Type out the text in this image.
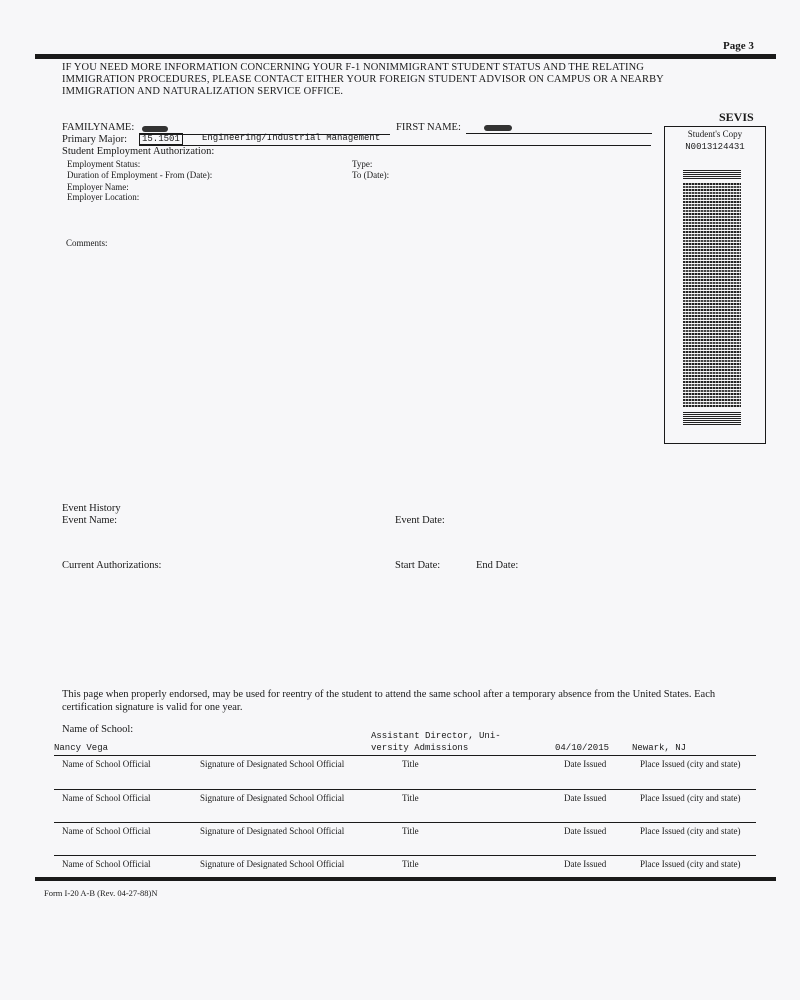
Page 3
IF YOU NEED MORE INFORMATION CONCERNING YOUR F-1 NONIMMIGRANT STUDENT STATUS AND THE RELATING IMMIGRATION PROCEDURES, PLEASE CONTACT EITHER YOUR FOREIGN STUDENT ADVISOR ON CAMPUS OR A NEARBY IMMIGRATION AND NATURALIZATION SERVICE OFFICE.
SEVIS
FAMILYNAME:	FIRST NAME:
Primary Major:	15.1501	Engineering/Industrial Management
Student Employment Authorization:
Employment Status:	Type:
Duration of Employment - From (Date):	To (Date):
Employer Name:
Employer Location:
Comments:
Student's Copy
N0013124431
Event History
Event Name:	Event Date:
Current Authorizations:	Start Date:	End Date:
This page when properly endorsed, may be used for reentry of the student to attend the same school after a temporary absence from the United States. Each certification signature is valid for one year.
Name of School:
Nancy Vega
Assistant Director, Uni-
versity Admissions	04/10/2015	Newark, NJ
Name of School Official	Signature of Designated School Official	Title	Date Issued	Place Issued (city and state)
Name of School Official	Signature of Designated School Official	Title	Date Issued	Place Issued (city and state)
Name of School Official	Signature of Designated School Official	Title	Date Issued	Place Issued (city and state)
Name of School Official	Signature of Designated School Official	Title	Date Issued	Place Issued (city and state)
Form I-20 A-B (Rev. 04-27-88)N
